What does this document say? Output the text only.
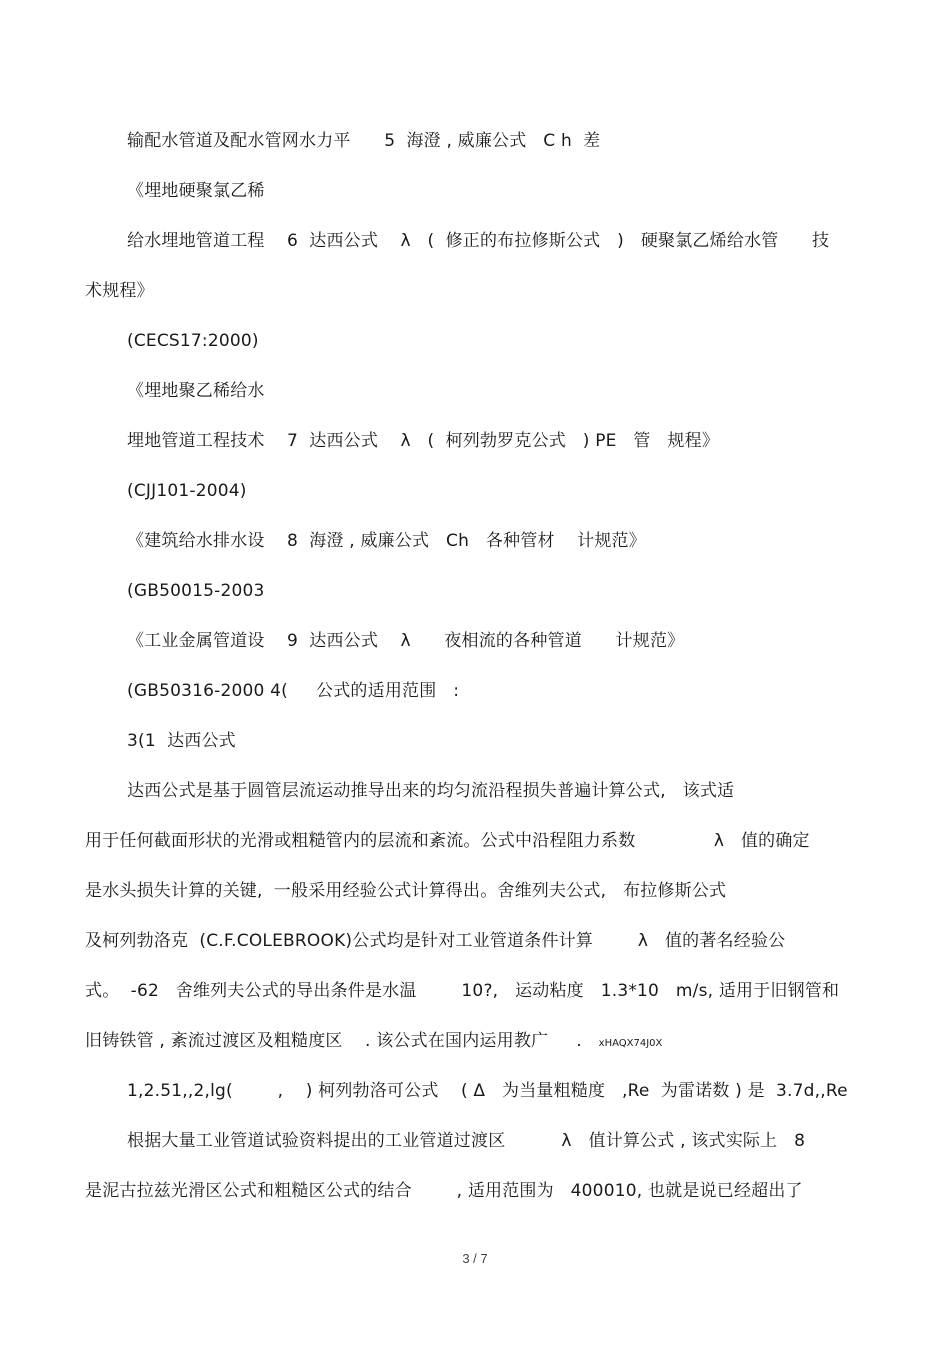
输配水管道及配水管网水力平      5  海澄 , 威廉公式   C h  差
《埋地硬聚氯乙稀
给水埋地管道工程    6  达西公式    λ   (  修正的布拉修斯公式   )   硬聚氯乙烯给水管      技
术规程》
(CECS17:2000)
《埋地聚乙稀给水
埋地管道工程技术    7  达西公式    λ   (  柯列勃罗克公式   ) PE   管   规程》
(CJJ101-2004)
《建筑给水排水设    8  海澄 , 威廉公式   Ch   各种管材    计规范》
(GB50015-2003
《工业金属管道设    9  达西公式    λ      夜相流的各种管道      计规范》
(GB50316-2000 4(     公式的适用范围   :
3(1  达西公式
达西公式是基于圆管层流运动推导出来的均匀流沿程损失普遍计算公式,   该式适
用于任何截面形状的光滑或粗糙管内的层流和紊流。公式中沿程阻力系数              λ   值的确定
是水头损失计算的关键,  一般采用经验公式计算得出。舍维列夫公式,   布拉修斯公式
及柯列勃洛克  (C.F.COLEBROOK)公式均是针对工业管道条件计算        λ   值的著名经验公
式。  -62   舍维列夫公式的导出条件是水温        10?,   运动粘度   1.3*10   m/s, 适用于旧钢管和
旧铸铁管 , 紊流过渡区及粗糙度区    . 该公式在国内运用教广     . xHAQX74J0X
1,2.51,,2,lg(        ,    ) 柯列勃洛可公式    ( Δ   为当量粗糙度   ,Re  为雷诺数 ) 是  3.7d,,Re
根据大量工业管道试验资料提出的工业管道过渡区          λ   值计算公式 , 该式实际上   8
是泥古拉兹光滑区公式和粗糙区公式的结合        , 适用范围为   400010, 也就是说已经超出了
3 / 7
